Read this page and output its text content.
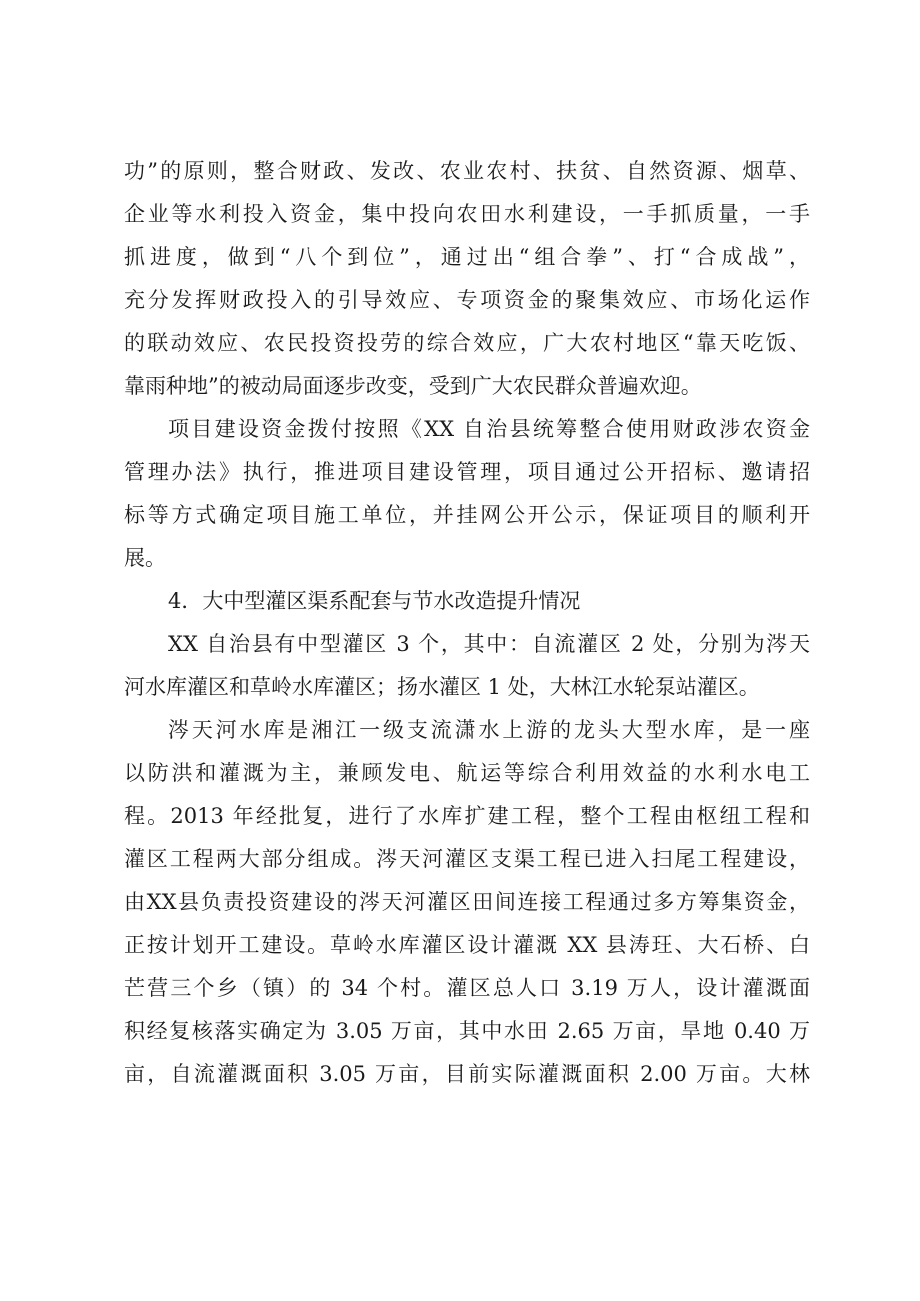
功”的原则，整合财政、发改、农业农村、扶贫、自然资源、烟草、
企业等水利投入资金，集中投向农田水利建设，一手抓质量，一手
抓进度，做到“八个到位”，通过出“组合拳”、打“合成战”，
充分发挥财政投入的引导效应、专项资金的聚集效应、市场化运作
的联动效应、农民投资投劳的综合效应，广大农村地区“靠天吃饭、
靠雨种地”的被动局面逐步改变，受到广大农民群众普遍欢迎。
项目建设资金拨付按照《XX 自治县统筹整合使用财政涉农资金
管理办法》执行，推进项目建设管理，项目通过公开招标、邀请招
标等方式确定项目施工单位，并挂网公开公示，保证项目的顺利开
展。
4．大中型灌区渠系配套与节水改造提升情况
XX 自治县有中型灌区 3 个，其中：自流灌区 2 处，分别为涔天
河水库灌区和草岭水库灌区；扬水灌区 1 处，大林江水轮泵站灌区。
涔天河水库是湘江一级支流潇水上游的龙头大型水库，是一座
以防洪和灌溉为主，兼顾发电、航运等综合利用效益的水利水电工
程。2013 年经批复，进行了水库扩建工程，整个工程由枢纽工程和
灌区工程两大部分组成。涔天河灌区支渠工程已进入扫尾工程建设，
由XX县负责投资建设的涔天河灌区田间连接工程通过多方筹集资金，
正按计划开工建设。草岭水库灌区设计灌溉 XX 县涛玨、大石桥、白
芒营三个乡（镇）的 34 个村。灌区总人口 3.19 万人，设计灌溉面
积经复核落实确定为 3.05 万亩，其中水田 2.65 万亩，旱地 0.40 万
亩，自流灌溉面积 3.05 万亩，目前实际灌溉面积 2.00 万亩。大林
